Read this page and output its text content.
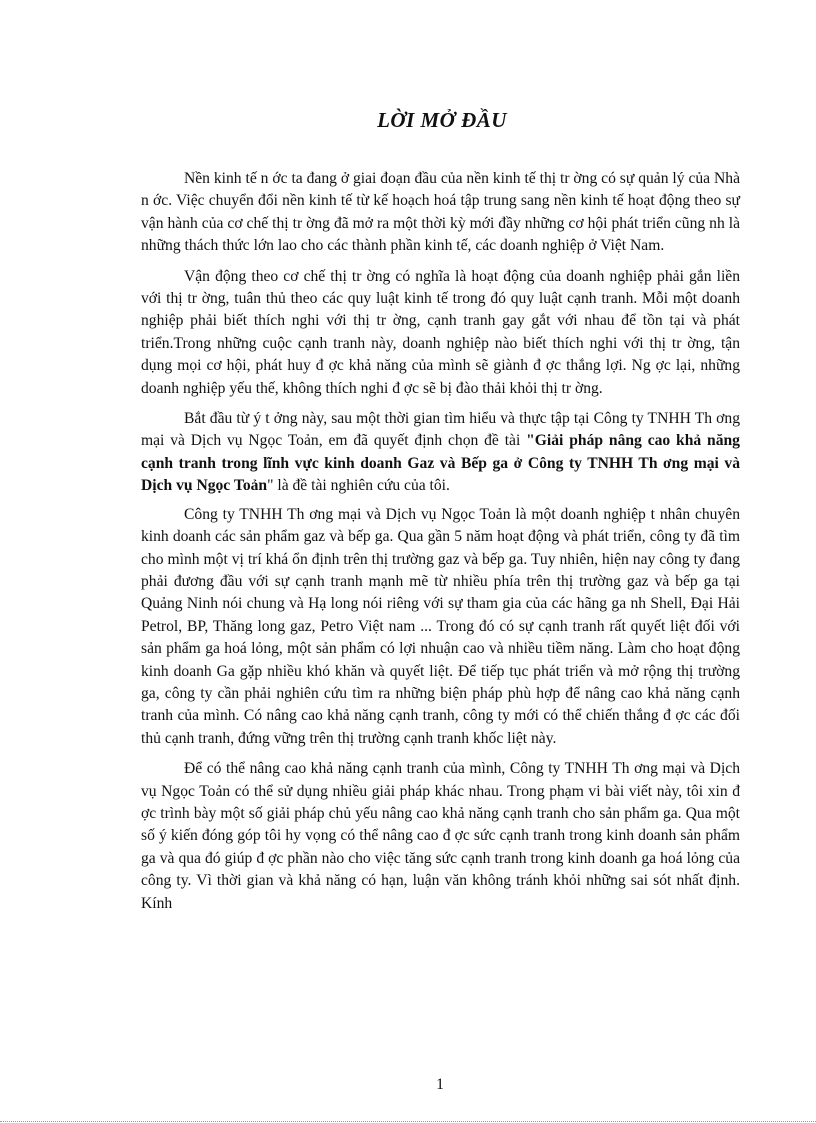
LỜI MỞ ĐẦU

Nền kinh tế n ớc ta đang ở giai đoạn đầu của nền kinh tế thị tr ờng có sự quản lý của Nhà n ớc. Việc chuyển đổi nền kinh tế từ kế hoạch hoá tập trung sang nền kinh tế hoạt động theo sự vận hành của cơ chế thị tr ờng đã mở ra một thời kỳ mới đầy những cơ hội phát triển cũng nh là những thách thức lớn lao cho các thành phần kinh tế, các doanh nghiệp ở Việt Nam.

Vận động theo cơ chế thị tr ờng có nghĩa là hoạt động của doanh nghiệp phải gắn liền với thị tr ờng, tuân thủ theo các quy luật kinh tế trong đó quy luật cạnh tranh. Mỗi một doanh nghiệp phải biết thích nghi với thị tr ờng, cạnh tranh gay gắt với nhau để tồn tại và phát triển.Trong những cuộc cạnh tranh này, doanh nghiệp nào biết thích nghi với thị tr ờng, tận dụng mọi cơ hội, phát huy đ ợc khả năng của mình sẽ giành đ ợc thắng lợi. Ng ợc lại, những doanh nghiệp yếu thế, không thích nghi đ ợc sẽ bị đào thải khỏi thị tr ờng.

Bắt đầu từ ý t ởng này, sau một thời gian tìm hiểu và thực tập tại Công ty TNHH Th ơng mại và Dịch vụ Ngọc Toản, em đã quyết định chọn đề tài "Giải pháp nâng cao khả năng cạnh tranh trong lĩnh vực kinh doanh Gaz và Bếp ga ở Công ty TNHH Th ơng mại và Dịch vụ Ngọc Toản" là đề tài nghiên cứu của tôi.

Công ty TNHH Th ơng mại và Dịch vụ Ngọc Toản là một doanh nghiệp t nhân chuyên kinh doanh các sản phẩm gaz và bếp ga. Qua gần 5 năm hoạt động và phát triển, công ty đã tìm cho mình một vị trí khá ổn định trên thị trường gaz và bếp ga. Tuy nhiên, hiện nay công ty đang phải đương đầu với sự cạnh tranh mạnh mẽ từ nhiều phía trên thị trường gaz và bếp ga tại Quảng Ninh nói chung và Hạ long nói riêng với sự tham gia của các hãng ga nh Shell, Đại Hải Petrol, BP, Thăng long gaz, Petro Việt nam ... Trong đó có sự cạnh tranh rất quyết liệt đối với sản phẩm ga hoá lỏng, một sản phẩm có lợi nhuận cao và nhiều tiềm năng. Làm cho hoạt động kinh doanh Ga gặp nhiều khó khăn và quyết liệt. Để tiếp tục phát triển và mở rộng thị trường ga, công ty cần phải nghiên cứu tìm ra những biện pháp phù hợp để nâng cao khả năng cạnh tranh của mình. Có nâng cao khả năng cạnh tranh, công ty mới có thể chiến thắng đ ợc các đối thủ cạnh tranh, đứng vững trên thị trường cạnh tranh khốc liệt này.

Để có thể nâng cao khả năng cạnh tranh của mình, Công ty TNHH Th ơng mại và Dịch vụ Ngọc Toản có thể sử dụng nhiều giải pháp khác nhau. Trong phạm vi bài viết này, tôi xin đ ợc trình bày một số giải pháp chủ yếu nâng cao khả năng cạnh tranh cho sản phẩm ga. Qua một số ý kiến đóng góp tôi hy vọng có thể nâng cao đ ợc sức cạnh tranh trong kinh doanh sản phẩm ga và qua đó giúp đ ợc phần nào cho việc tăng sức cạnh tranh trong kinh doanh ga hoá lỏng của công ty. Vì thời gian và khả năng có hạn, luận văn không tránh khỏi những sai sót nhất định. Kính

1
